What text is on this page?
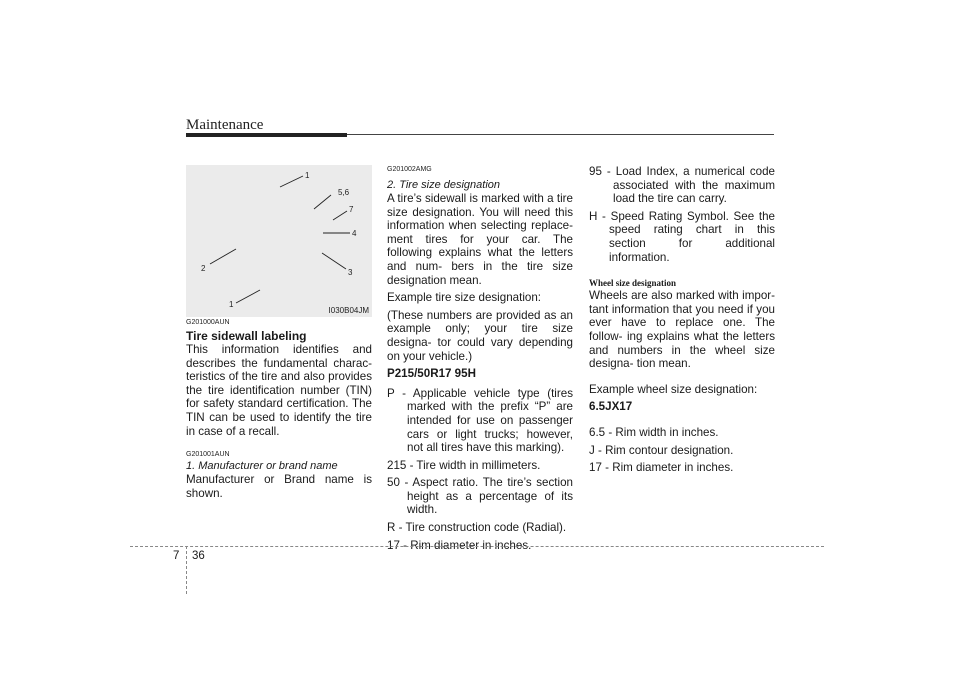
Maintenance
1
5,6
7
4
3
2
1
I030B04JM
G201000AUN
Tire sidewall labeling

This information identifies and describes the fundamental charac- teristics of the tire and also provides the tire identification number (TIN) for safety standard certification. The TIN can be used to identify the tire in case of a recall.

G201001AUN
1. Manufacturer or brand name

Manufacturer or Brand name is shown.

G201002AMG
2. Tire size designation

A tire’s sidewall is marked with a tire size designation. You will need this information when selecting replace- ment tires for your car. The following explains what the letters and num- bers in the tire size designation mean.

Example tire size designation:

(These numbers are provided as an example only; your tire size designa- tor could vary depending on your vehicle.)

P215/50R17 95H

P - Applicable vehicle type (tires marked with the prefix “P” are intended for use on passenger cars or light trucks; however, not all tires have this marking).

215 - Tire width in millimeters.

50 - Aspect ratio. The tire’s section height as a percentage of its width.

R - Tire construction code (Radial).

17 - Rim diameter in inches.

95 - Load Index, a numerical code associated with the maximum load the tire can carry.

H - Speed Rating Symbol. See the speed rating chart in this section for additional information.

Wheel size designation

Wheels are also marked with impor- tant information that you need if you ever have to replace one. The follow- ing explains what the letters and numbers in the wheel size designa- tion mean.

Example wheel size designation:

6.5JX17

6.5 - Rim width in inches.

J - Rim contour designation.

17 - Rim diameter in inches.

7 36
